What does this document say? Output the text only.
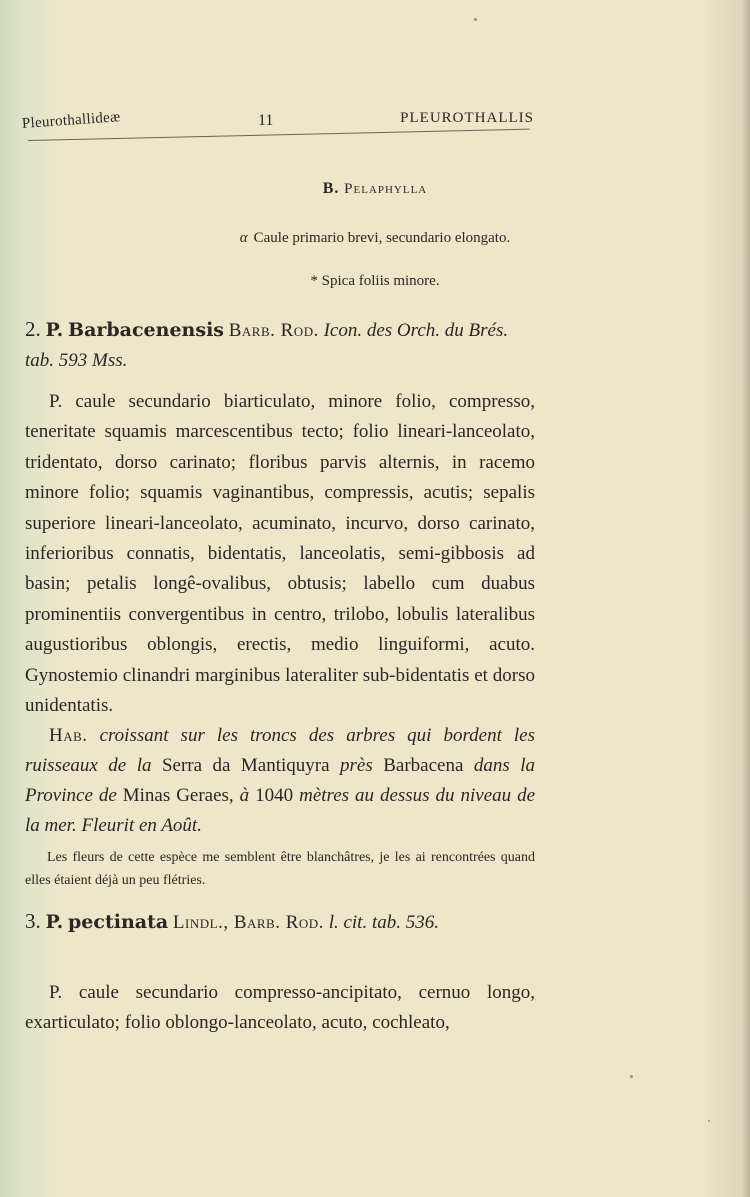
Pleurothallideæ	11	PLEUROTHALLIS
B. Pelaphylla
α Caule primario brevi, secundario elongato.
* Spica foliis minore.
2. P. Barbacenensis Barb. Rod. Icon. des Orch. du Brés. tab. 593 Mss.
P. caule secundario biarticulato, minore folio, compresso, teneritate squamis marcescentibus tecto; folio lineari-lanceolato, tridentato, dorso carinato; floribus parvis alternis, in racemo minore folio; squamis vaginantibus, compressis, acutis; sepalis superiore lineari-lanceolato, acuminato, incurvo, dorso carinato, inferioribus connatis, bidentatis, lanceolatis, semi-gibbosis ad basin; petalis longê-ovalibus, obtusis; labello cum duabus prominentiis convergentibus in centro, trilobo, lobulis lateralibus augustioribus oblongis, erectis, medio linguiformi, acuto. Gynostemio clinandri marginibus lateraliter sub-bidentatis et dorso unidentatis.
Hab. croissant sur les troncs des arbres qui bordent les ruisseaux de la Serra da Mantiquyra près Barbacena dans la Province de Minas Geraes, à 1040 mètres au dessus du niveau de la mer. Fleurit en Août.
Les fleurs de cette espèce me semblent être blanchâtres, je les ai rencontrées quand elles étaient déjà un peu flétries.
3. P. pectinata Lindl., Barb. Rod. l. cit. tab. 536.
P. caule secundario compresso-ancipitato, cernuo longo, exarticulato; folio oblongo-lanceolato, acuto, cochleato,
